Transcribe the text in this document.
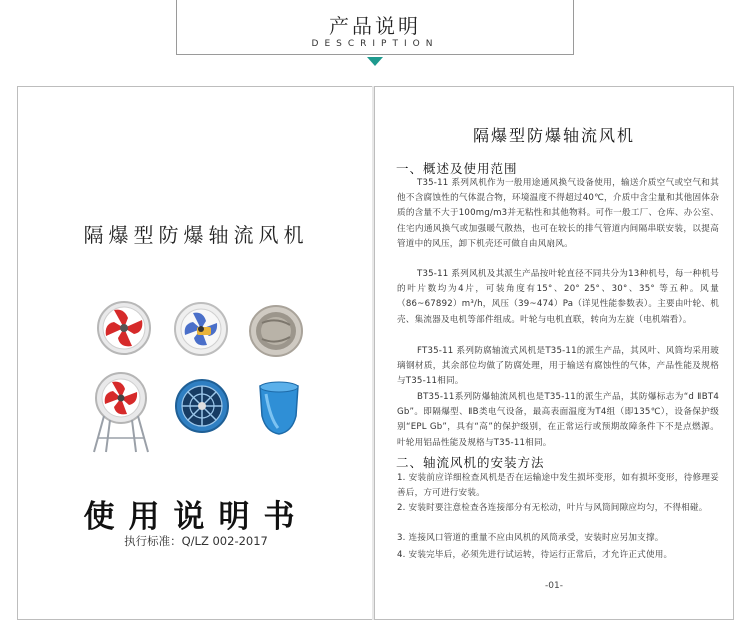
产品说明
DESCRIPTION
隔爆型防爆轴流风机
使用说明书
执行标准：Q/LZ 002-2017
隔爆型防爆轴流风机
一、概述及使用范围
T35-11 系列风机作为一般用途通风换气设备使用，输送介质空气或空气和其他不含腐蚀性的气体混合物，环境温度不得超过40℃，介质中含尘量和其他固体杂质的含量不大于100mg/m3并无粘性和其他物料。可作一般工厂、仓库、办公室、住宅内通风换气或加强暖气散热，也可在较长的排气管道内间隔串联安装，以提高管道中的风压，卸下机壳还可做自由风扇风。
T35-11 系列风机及其派生产品按叶轮直径不同共分为13种机号，每一种机号的叶片数均为4片，可装角度有15°、20° 25°、30°、35° 等五种。风量（86~67892）m³/h，风压（39~474）Pa（详见性能参数表）。主要由叶轮、机壳、集流器及电机等部件组成。叶轮与电机直联，转向为左旋（电机端看）。
FT35-11 系列防腐轴流式风机是T35-11的派生产品，其风叶、风筒均采用玻璃钢材质，其余部位均做了防腐处理，用于输送有腐蚀性的气体，产品性能及规格与T35-11相同。
BT35-11系列防爆轴流风机也是T35-11的派生产品，其防爆标志为“d ⅡBT4 Gb”。即隔爆型、ⅡB类电气设备，最高表面温度为T4组（即135℃），设备保护级别“EPL Gb”，具有“高”的保护级别，在正常运行或预期故障条件下不是点燃源。叶轮用铝品性能及规格与T35-11相同。
二、轴流风机的安装方法
1. 安装前应详细检查风机是否在运输途中发生损坏变形，如有损坏变形，待修理妥善后，方可进行安装。
2. 安装时要注意检查各连接部分有无松动，叶片与风筒间隙应均匀，不得相碰。
3. 连接风口管道的重量不应由风机的风筒承受，安装时应另加支撑。
4. 安装完毕后，必须先进行试运转，待运行正常后，才允许正式使用。
-01-
